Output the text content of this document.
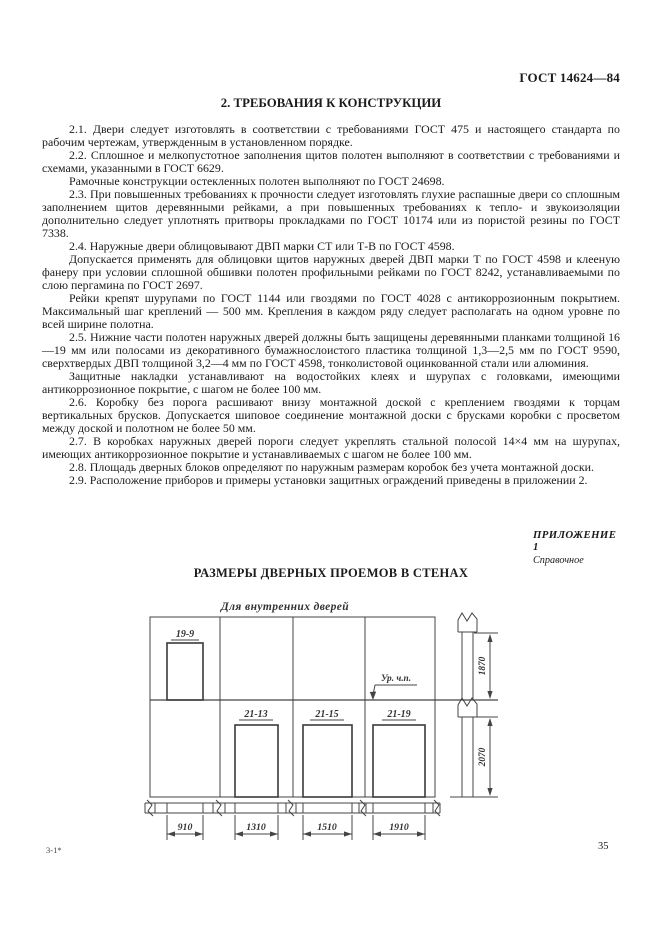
ГОСТ 14624—84
2. ТРЕБОВАНИЯ К КОНСТРУКЦИИ

2.1. Двери следует изготовлять в соответствии с требованиями ГОСТ 475 и настоящего стандарта по рабочим чертежам, утвержденным в установленном порядке.

2.2. Сплошное и мелкопустотное заполнения щитов полотен выполняют в соответствии с требованиями и схемами, указанными в ГОСТ 6629.

Рамочные конструкции остекленных полотен выполняют по ГОСТ 24698.

2.3. При повышенных требованиях к прочности следует изготовлять глухие распашные двери со сплошным заполнением щитов деревянными рейками, а при повышенных требованиях к тепло- и звукоизоляции дополнительно следует уплотнять притворы прокладками по ГОСТ 10174 или из пористой резины по ГОСТ 7338.

2.4. Наружные двери облицовывают ДВП марки СТ или Т-В по ГОСТ 4598.

Допускается применять для облицовки щитов наружных дверей ДВП марки Т по ГОСТ 4598 и клееную фанеру при условии сплошной обшивки полотен профильными рейками по ГОСТ 8242, устанавливаемыми по слою пергамина по ГОСТ 2697.

Рейки крепят шурупами по ГОСТ 1144 или гвоздями по ГОСТ 4028 с антикоррозионным покрытием. Максимальный шаг креплений — 500 мм. Крепления в каждом ряду следует располагать на одном уровне по всей ширине полотна.

2.5. Нижние части полотен наружных дверей должны быть защищены деревянными планками толщиной 16—19 мм или полосами из декоративного бумажнослоистого пластика толщиной 1,3—2,5 мм по ГОСТ 9590, сверхтвердых ДВП толщиной 3,2—4 мм по ГОСТ 4598, тонколистовой оцинкованной стали или алюминия.

Защитные накладки устанавливают на водостойких клеях и шурупах с головками, имеющими антикоррозионное покрытие, с шагом не более 100 мм.

2.6. Коробку без порога расшивают внизу монтажной доской с креплением гвоздями к торцам вертикальных брусков. Допускается шиповое соединение монтажной доски с брусками коробки с просветом между доской и полотном не более 50 мм.

2.7. В коробках наружных дверей пороги следует укреплять стальной полосой 14×4 мм на шурупах, имеющих антикоррозионное покрытие и устанавливаемых с шагом не более 100 мм.

2.8. Площадь дверных блоков определяют по наружным размерам коробок без учета монтажной доски.

2.9. Расположение приборов и примеры установки защитных ограждений приведены в приложении 2.

ПРИЛОЖЕНИЕ 1
Справочное
РАЗМЕРЫ ДВЕРНЫХ ПРОЕМОВ В СТЕНАХ
Для внутренних дверей
19-9
21-13	21-15	21-19
Ур. ч.п.
910	1310	1510	1910
1870
2070
3-1*	35
